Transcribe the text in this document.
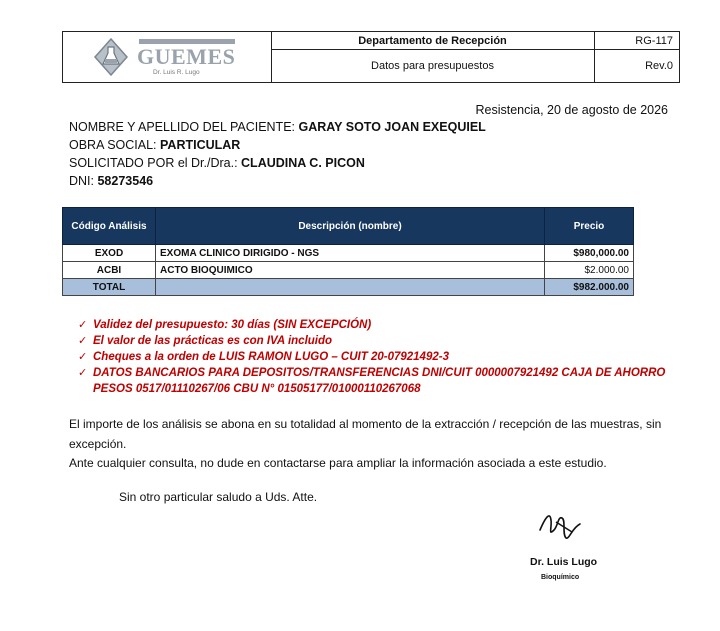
GUEMES
Dr. Luis R. Lugo
Departamento de Recepción
Datos para presupuestos
RG-117
Rev.0
Resistencia, 20 de agosto de 2026
NOMBRE Y APELLIDO DEL PACIENTE: GARAY SOTO JOAN EXEQUIEL
OBRA SOCIAL: PARTICULAR
SOLICITADO POR el Dr./Dra.: CLAUDINA C. PICON
DNI: 58273546
Código Análisis	Descripción (nombre)	Precio
EXOD	EXOMA CLINICO DIRIGIDO - NGS	$980,000.00
ACBI	ACTO BIOQUIMICO	$2.000.00
TOTAL		$982.000.00
✓ Validez del presupuesto: 30 días (SIN EXCEPCIÓN)
✓ El valor de las prácticas es con IVA incluido
✓ Cheques a la orden de LUIS RAMON LUGO – CUIT 20-07921492-3
✓ DATOS BANCARIOS PARA DEPOSITOS/TRANSFERENCIAS DNI/CUIT 0000007921492 CAJA DE AHORRO PESOS 0517/01110267/06 CBU N° 01505177/01000110267068
El importe de los análisis se abona en su totalidad al momento de la extracción / recepción de las muestras, sin excepción.
Ante cualquier consulta, no dude en contactarse para ampliar la información asociada a este estudio.
Sin otro particular saludo a Uds. Atte.
Dr. Luis Lugo
Bioquímico
